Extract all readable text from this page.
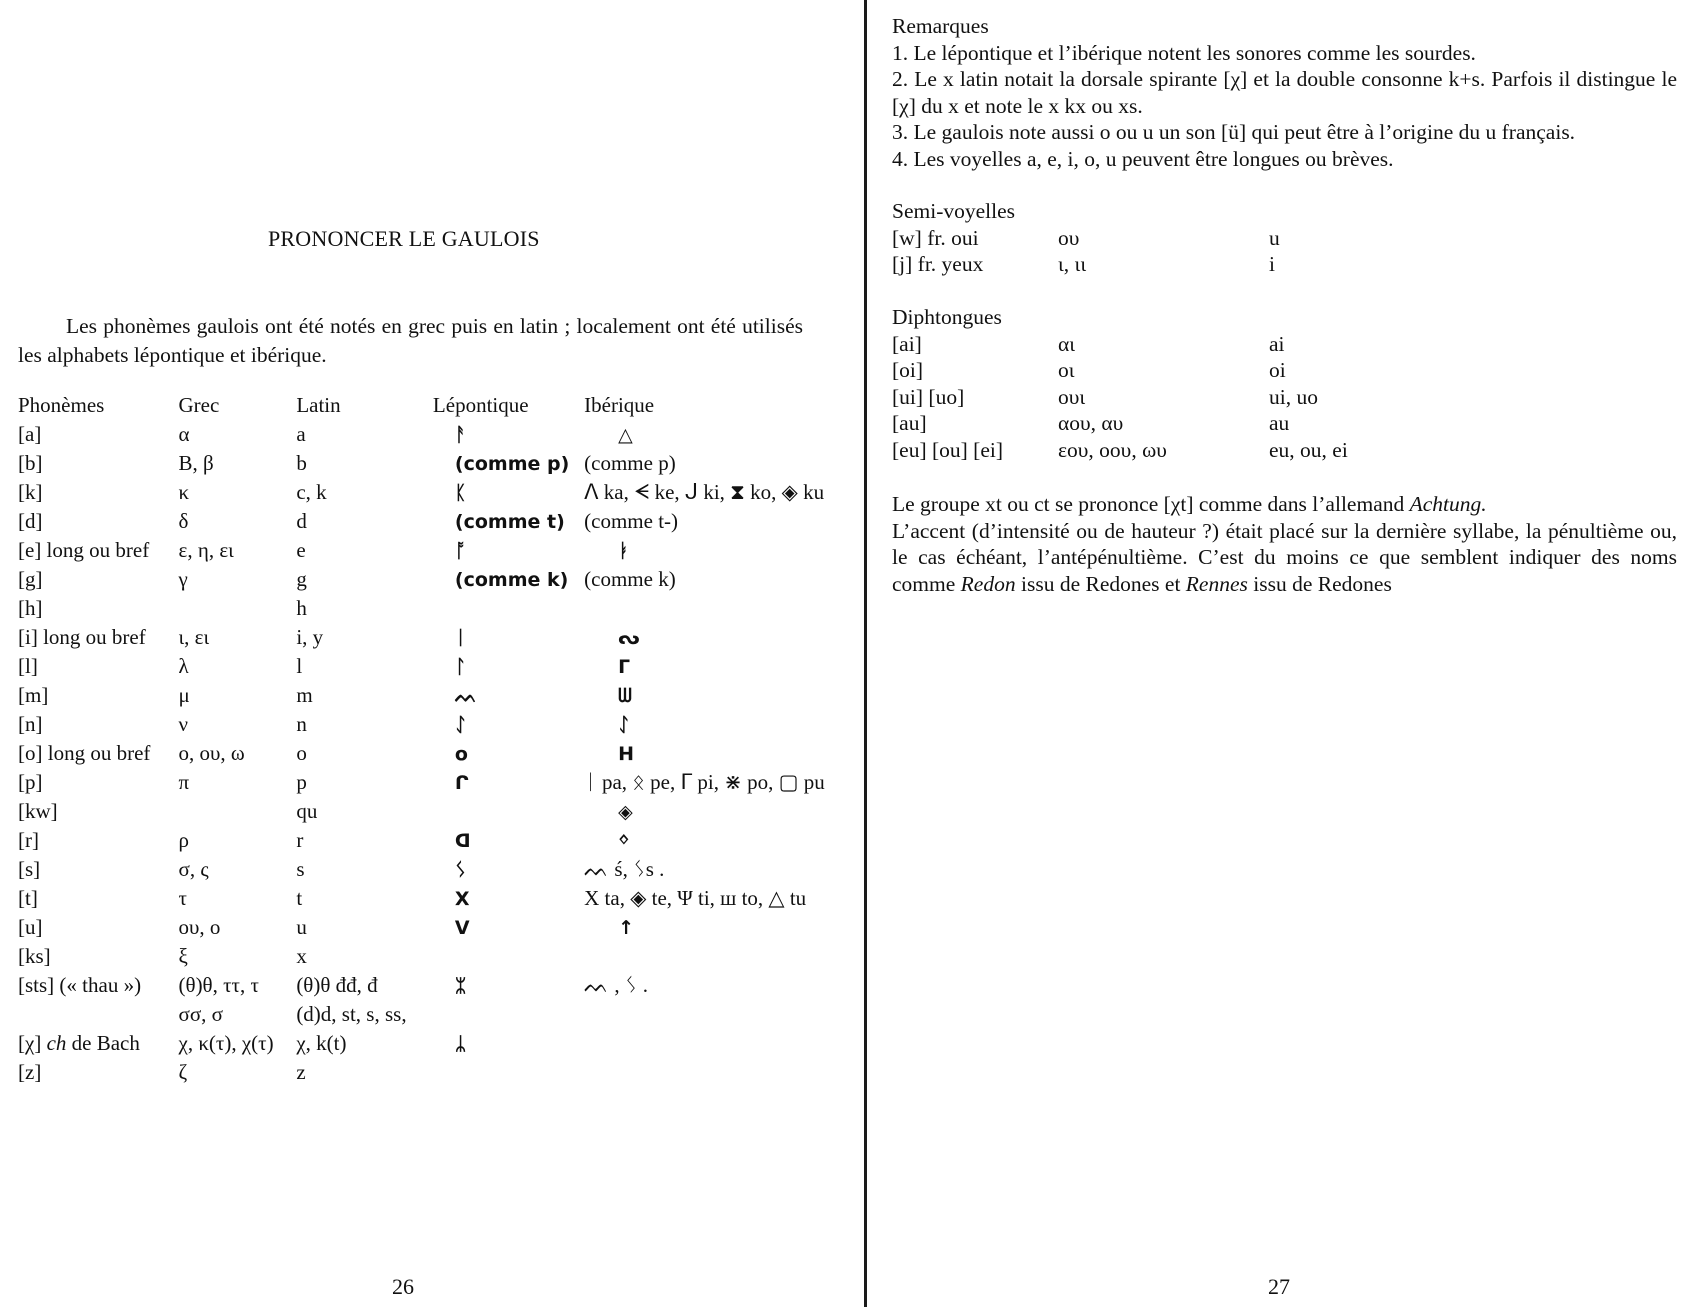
PRONONCER LE GAULOIS
Les phonèmes gaulois ont été notés en grec puis en latin ; localement ont été utilisés les alphabets lépontique et ibérique.
Phonèmes	Grec	Latin	Lépontique	Ibérique
[a]	α	a	ᚨ	△
[b]	Β, β	b	(comme p)	(comme p)
[k]	κ	c, k	ᛕ	ᐱ ka, ᗕ ke, ᒍ ki, ⧗ ko, ◈ ku
[d]	δ	d	(comme t)	(comme t-)
[e] long ou bref	ε, η, ει	e	ᚩ	ᛓ
[g]	γ	g	(comme k)	(comme k)
[h]		h		
[i] long ou bref	ι, ει	i, y	ᛁ	ᔓ
[l]	λ	l	ᛚ	ᒥ
[m]	μ	m	ᨓ	ᗯ
[n]	ν	n	ᛇ	ᛇ
[o] long ou bref	ο, ου, ω	o	ο	Η
[p]	π	p	ᒋ	ᛁ pa, ᛟ pe, ᒥ pi, ⋇ po, ▢ pu
[kw]		qu		◈
[r]	ρ	r	ᗡ	ᛜ
[s]	σ, ς	s	ᛊ	ᨓ ś, ᛊs .
[t]	τ	t	Χ	Χ ta, ◈ te, Ψ ti, ш to, △ tu
[u]	ου, ο	u	ᐯ	↑
[ks]	ξ	x		
[sts] (« thau »)	(θ)θ, ττ, τ	(θ)θ đđ, đ	ᛯ	ᨓ , ᛊ .
	σσ, σ	(d)d, st, s, ss,		
[χ] ch de Bach	χ, κ(τ), χ(τ)	χ, k(t)	ᛦ	
[z]	ζ	z		
26

Remarques

1. Le lépontique et l’ibérique notent les sonores comme les sourdes.

2. Le x latin notait la dorsale spirante [χ] et la double consonne k+s. Parfois il distingue le [χ] du x et note le x kx ou xs.

3. Le gaulois note aussi o ou u un son [ü] qui peut être à l’origine du u français.

4. Les voyelles a, e, i, o, u peuvent être longues ou brèves.

Semi-voyelles

[w] fr. oui	ου	u
[j] fr. yeux	ι, ιι	i

Diphtongues

[ai]	αι	ai
[oi]	οι	oi
[ui] [uo]	ουι	ui, uo
[au]	αου, αυ	au
[eu] [ou] [ei]	εου, οου, ωυ	eu, ou, ei

Le groupe xt ou ct se prononce [χt] comme dans l’allemand Achtung.

L’accent (d’intensité ou de hauteur ?) était placé sur la dernière syllabe, la pénultième ou, le cas échéant, l’antépénultième. C’est du moins ce que semblent indiquer des noms comme Redon issu de Redones et Rennes issu de Redones

27
